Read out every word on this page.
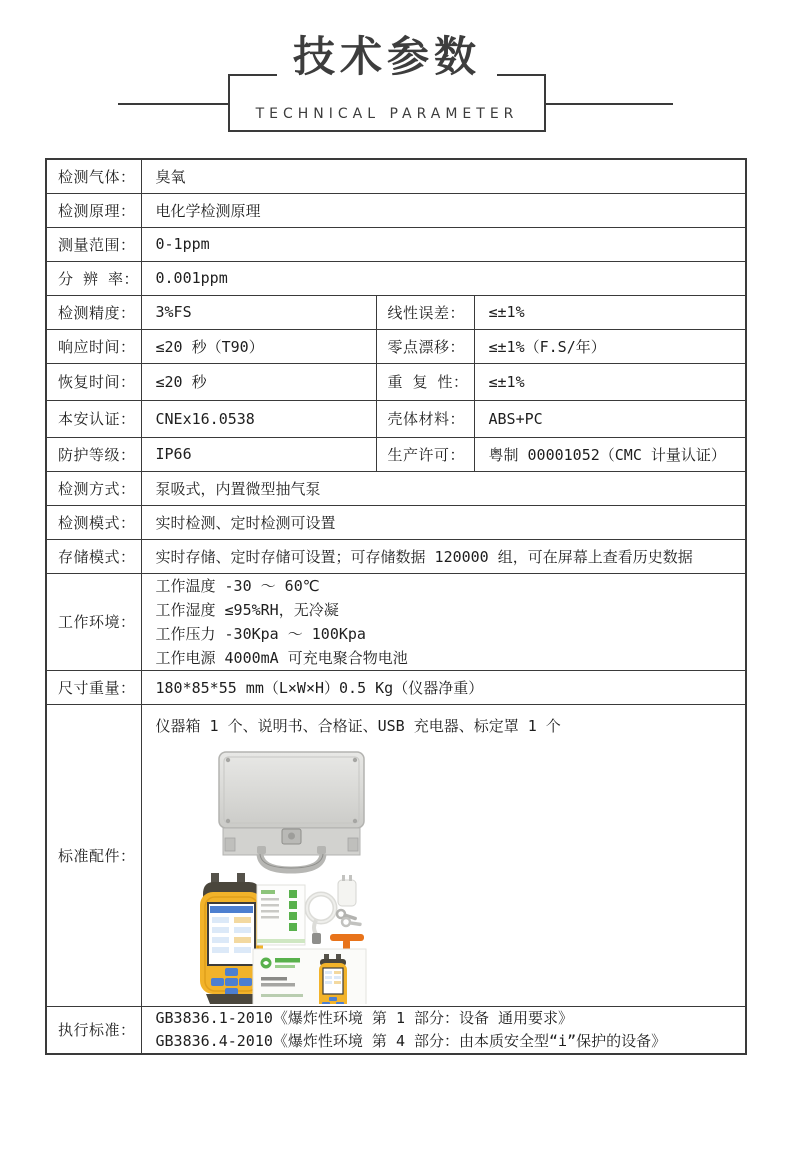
TECHNICAL PARAMETER
技术参数
检测气体：	臭氧		
检测原理：	电化学检测原理		
测量范围：	0-1ppm		
分 辨 率：	0.001ppm		
检测精度：	3%FS	线性误差：	≤±1%
响应时间：	≤20 秒（T90）	零点漂移：	≤±1%（F.S/年）
恢复时间：	≤20 秒	重 复 性：	≤±1%
本安认证：	CNEx16.0538	壳体材料：	ABS+PC
防护等级：	IP66	生产许可：	粤制 00001052（CMC 计量认证）
检测方式：	泵吸式，内置微型抽气泵		
检测模式：	实时检测、定时检测可设置		
存储模式：	实时存储、定时存储可设置；可存储数据 120000 组，可在屏幕上查看历史数据		
工作环境：	工作温度 -30 ～ 60℃
工作湿度 ≤95%RH，无冷凝
工作压力 -30Kpa ～ 100Kpa
工作电源 4000mA 可充电聚合物电池		

尺寸重量：	180*85*55 mm（L×W×H）0.5 Kg（仪器净重）		
标准配件：	仪器箱 1 个、说明书、合格证、USB 充电器、标定罩 1 个		

执行标准：	GB3836.1-2010《爆炸性环境 第 1 部分：设备 通用要求》
GB3836.4-2010《爆炸性环境 第 4 部分：由本质安全型“i”保护的设备》		
